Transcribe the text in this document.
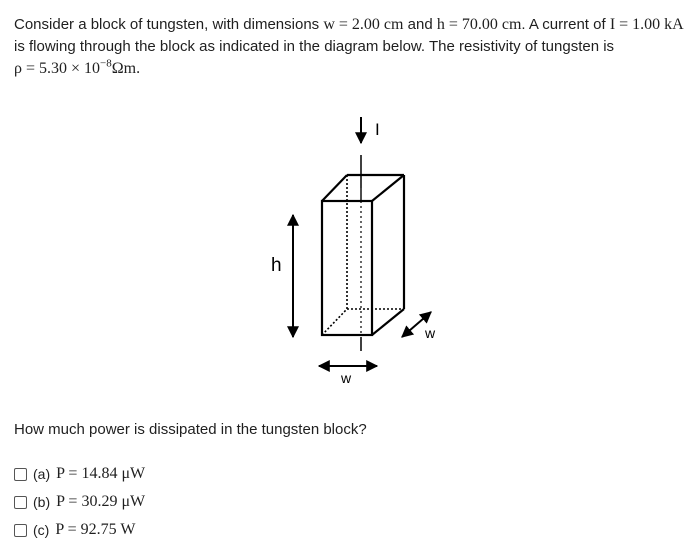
Consider a block of tungsten, with dimensions w = 2.00 cm and h = 70.00 cm. A current of I = 1.00 kA is flowing through the block as indicated in the diagram below. The resistivity of tungsten is
$\rho = 5.30 \times 10^{-8}\Omega m$.
I
h
w
w
How much power is dissipated in the tungsten block?
(a) P = 14.84 μW
(b) P = 30.29 μW
(c) P = 92.75 W
